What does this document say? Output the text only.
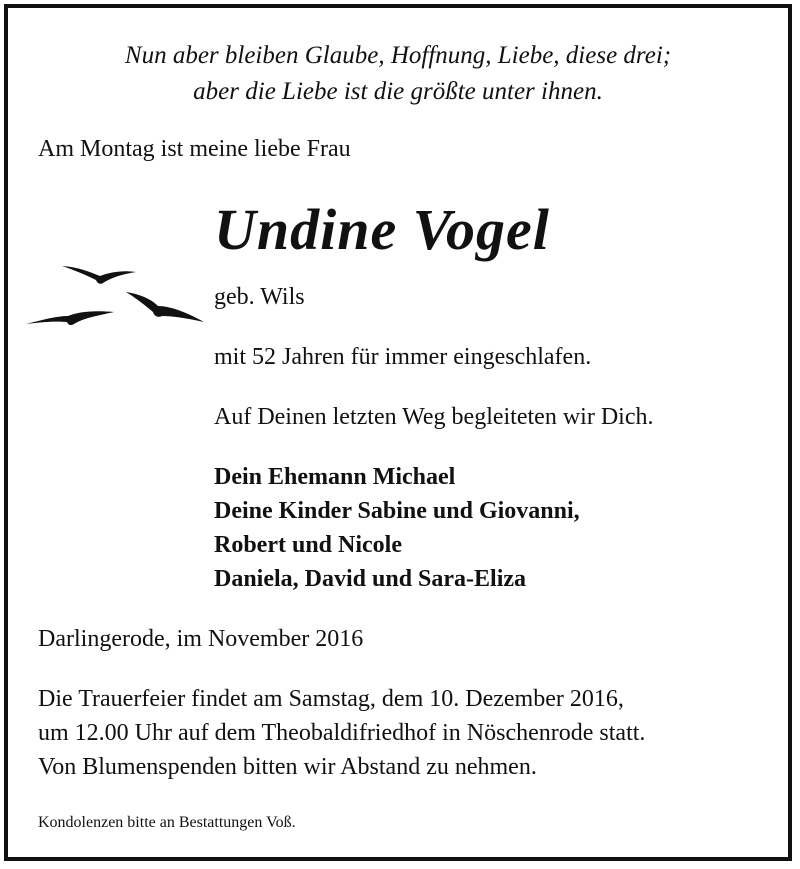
Nun aber bleiben Glaube, Hoffnung, Liebe, diese drei;

aber die Liebe ist die größte unter ihnen.

Am Montag ist meine liebe Frau

Undine Vogel

geb. Wils

mit 52 Jahren für immer eingeschlafen.

Auf Deinen letzten Weg begleiteten wir Dich.

Dein Ehemann Michael
Deine Kinder Sabine und Giovanni,
Robert und Nicole
Daniela, David und Sara-Eliza

Darlingerode, im November 2016

Die Trauerfeier findet am Samstag, dem 10. Dezember 2016,
um 12.00 Uhr auf dem Theobaldifriedhof in Nöschenrode statt.
Von Blumenspenden bitten wir Abstand zu nehmen.

Kondolenzen bitte an Bestattungen Voß.
